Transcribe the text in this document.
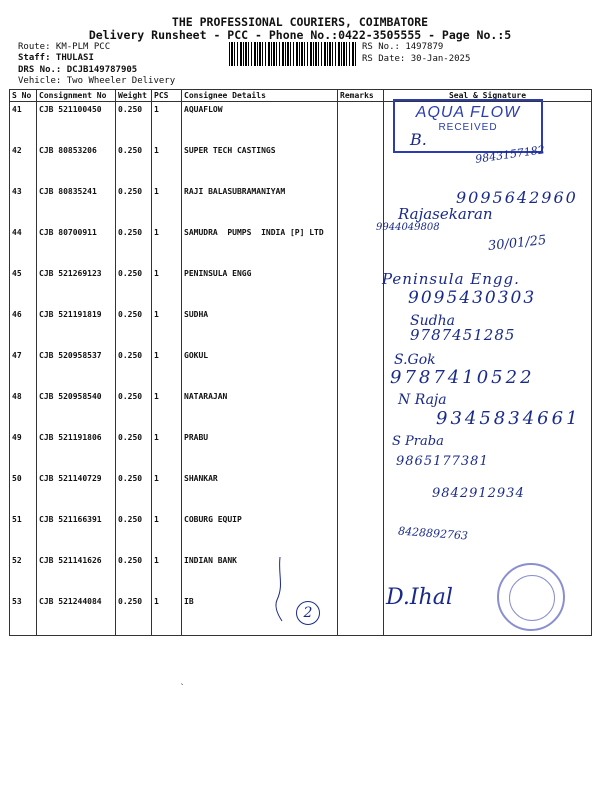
THE PROFESSIONAL COURIERS, COIMBATORE
Delivery Runsheet - PCC - Phone No.:0422-3505555 - Page No.:5
Route: KM-PLM PCC
Staff: THULASI
DRS No.: DCJB149787905
Vehicle: Two Wheeler Delivery
RS No.: 1497879
RS Date: 30-Jan-2025
S No	Consignment No	Weight	PCS	Consignee Details	Remarks	Seal & Signature
41	CJB 521100450	0.250	1	AQUAFLOW		
42	CJB 80853206	0.250	1	SUPER TECH CASTINGS		
43	CJB 80835241	0.250	1	RAJI BALASUBRAMANIYAM		
44	CJB 80700911	0.250	1	SAMUDRA  PUMPS  INDIA [P] LTD		
45	CJB 521269123	0.250	1	PENINSULA ENGG		
46	CJB 521191819	0.250	1	SUDHA		
47	CJB 520958537	0.250	1	GOKUL		
48	CJB 520958540	0.250	1	NATARAJAN		
49	CJB 521191806	0.250	1	PRABU		
50	CJB 521140729	0.250	1	SHANKAR		
51	CJB 521166391	0.250	1	COBURG EQUIP		
52	CJB 521141626	0.250	1	INDIAN BANK		
53	CJB 521244084	0.250	1	IB		
AQUA FLOW
RECEIVED
B.
9843157182
9095642960
Rajasekaran
9944049808
30/01/25
Peninsula Engg.
9095430303
Sudha
9787451285
S.Gok
9787410522
N Raja
9345834661
S Praba
9865177381
9842912934
8428892763
D.Ihal
2
`
